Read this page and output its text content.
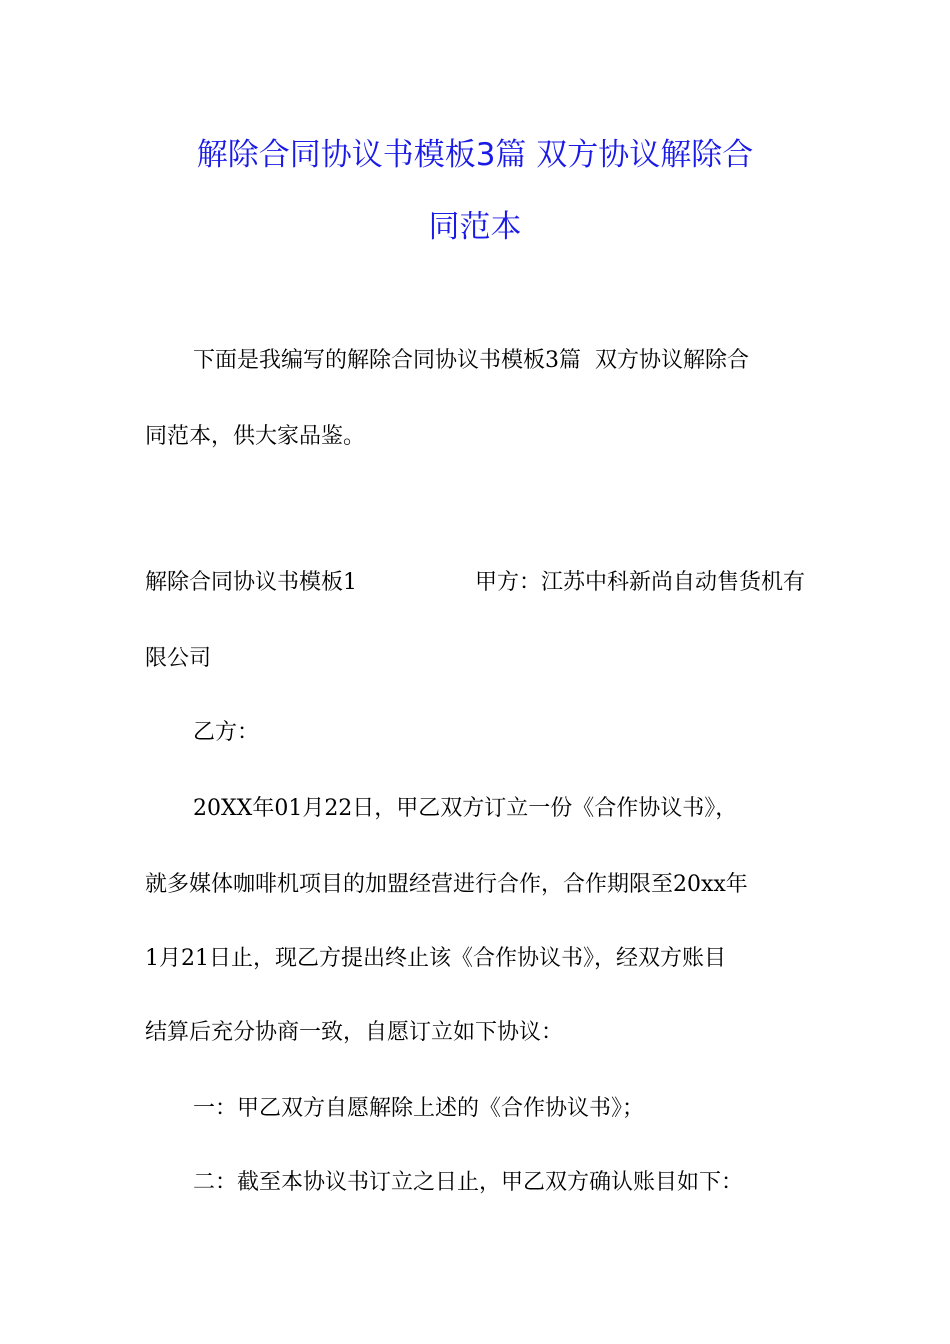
解除合同协议书模板3篇 双方协议解除合
同范本
下面是我编写的解除合同协议书模板3篇  双方协议解除合
同范本，供大家品鉴。
解除合同协议书模板1	甲方：江苏中科新尚自动售货机有
限公司
乙方：
20XX年01月22日，甲乙双方订立一份《合作协议书》，
就多媒体咖啡机项目的加盟经营进行合作，合作期限至20xx年
1月21日止，现乙方提出终止该《合作协议书》，经双方账目
结算后充分协商一致，自愿订立如下协议：
一：甲乙双方自愿解除上述的《合作协议书》；
二：截至本协议书订立之日止，甲乙双方确认账目如下：
